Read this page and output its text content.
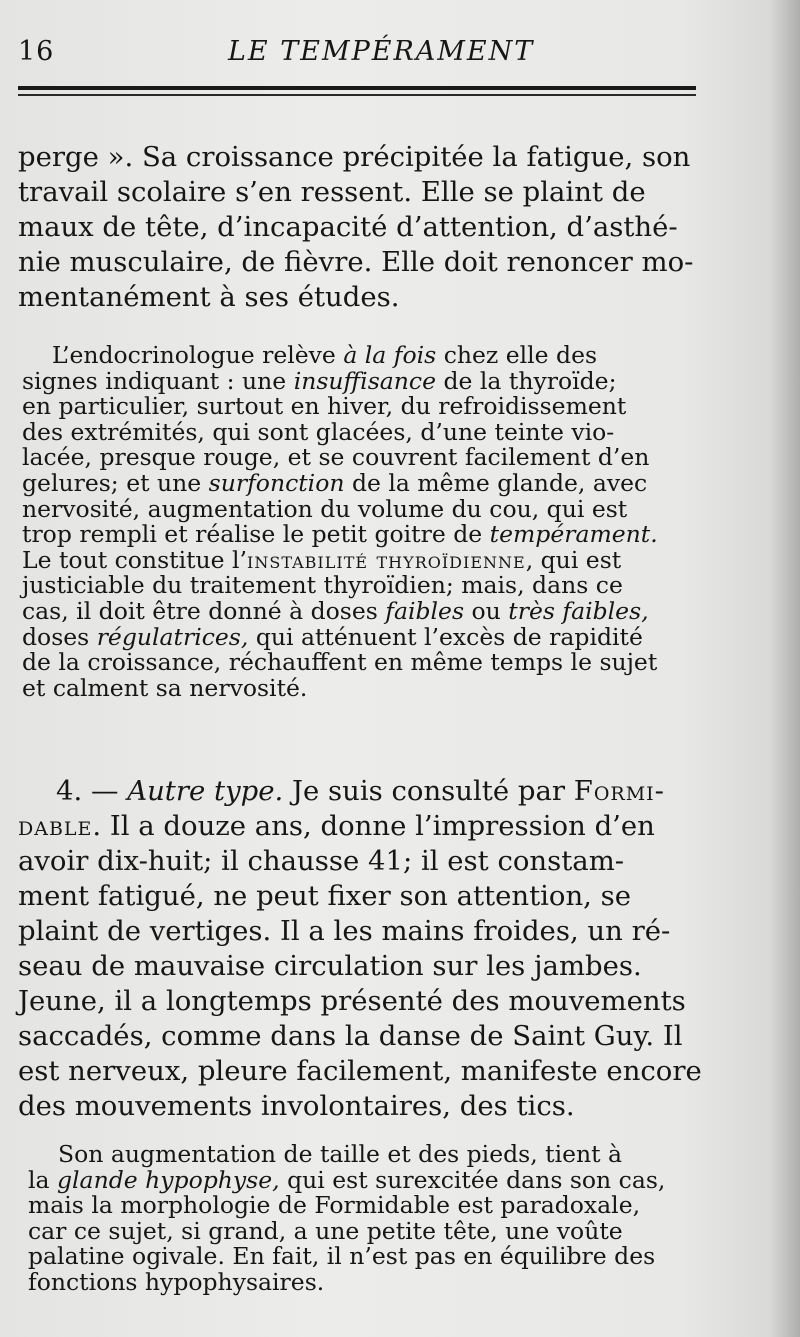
16	LE TEMPÉRAMENT
perge ». Sa croissance précipitée la fatigue, son
travail scolaire s’en ressent. Elle se plaint de
maux de tête, d’incapacité d’attention, d’asthé-
nie musculaire, de fièvre. Elle doit renoncer mo-
mentanément à ses études.
L’endocrinologue relève à la fois chez elle des
signes indiquant : une insuffisance de la thyroïde;
en particulier, surtout en hiver, du refroidissement
des extrémités, qui sont glacées, d’une teinte vio-
lacée, presque rouge, et se couvrent facilement d’en
gelures; et une surfonction de la même glande, avec
nervosité, augmentation du volume du cou, qui est
trop rempli et réalise le petit goitre de tempérament.
Le tout constitue l’instabilité thyroïdienne, qui est
justiciable du traitement thyroïdien; mais, dans ce
cas, il doit être donné à doses faibles ou très faibles,
doses régulatrices, qui atténuent l’excès de rapidité
de la croissance, réchauffent en même temps le sujet
et calment sa nervosité.
4. — Autre type. Je suis consulté par Formi-
dable. Il a douze ans, donne l’impression d’en
avoir dix-huit; il chausse 41; il est constam-
ment fatigué, ne peut fixer son attention, se
plaint de vertiges. Il a les mains froides, un ré-
seau de mauvaise circulation sur les jambes.
Jeune, il a longtemps présenté des mouvements
saccadés, comme dans la danse de Saint Guy. Il
est nerveux, pleure facilement, manifeste encore
des mouvements involontaires, des tics.
Son augmentation de taille et des pieds, tient à
la glande hypophyse, qui est surexcitée dans son cas,
mais la morphologie de Formidable est paradoxale,
car ce sujet, si grand, a une petite tête, une voûte
palatine ogivale. En fait, il n’est pas en équilibre des
fonctions hypophysaires.
